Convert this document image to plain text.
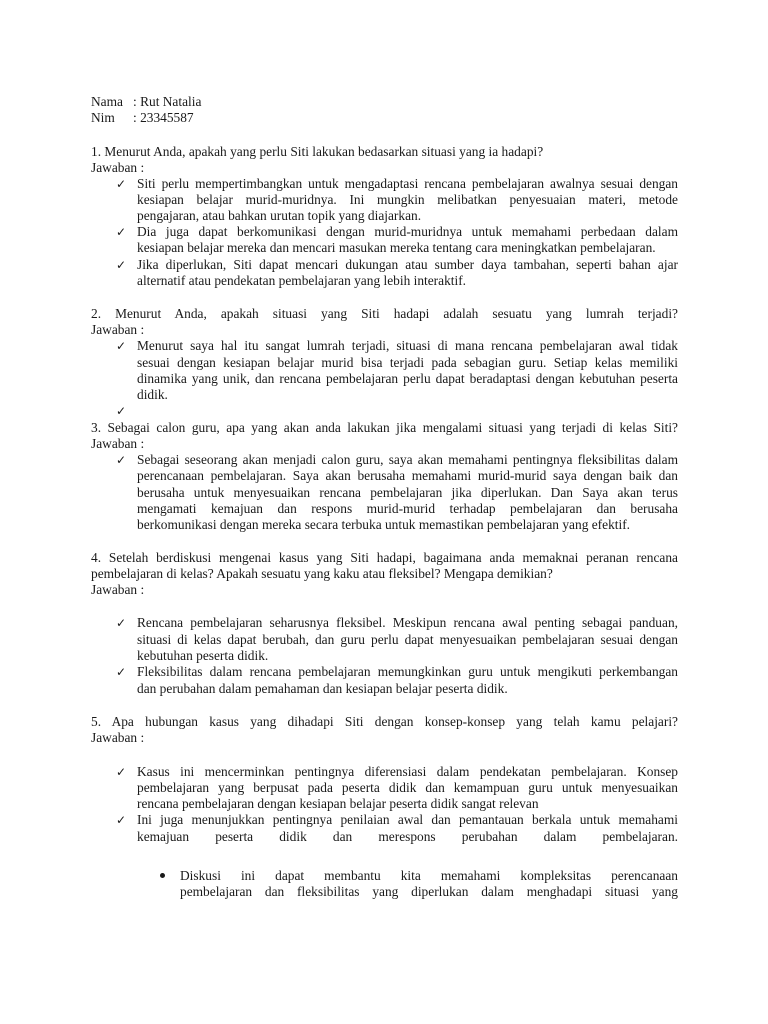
Nama : Rut Natalia
Nim : 23345587
1. Menurut Anda, apakah yang perlu Siti lakukan bedasarkan situasi yang ia hadapi?
Jawaban :
✓ Siti perlu mempertimbangkan untuk mengadaptasi rencana pembelajaran awalnya sesuai dengan
kesiapan belajar murid-muridnya. Ini mungkin melibatkan penyesuaian materi, metode
pengajaran, atau bahkan urutan topik yang diajarkan.
✓ Dia juga dapat berkomunikasi dengan murid-muridnya untuk memahami perbedaan dalam
kesiapan belajar mereka dan mencari masukan mereka tentang cara meningkatkan pembelajaran.
✓ Jika diperlukan, Siti dapat mencari dukungan atau sumber daya tambahan, seperti bahan ajar
alternatif atau pendekatan pembelajaran yang lebih interaktif.
2. Menurut Anda, apakah situasi yang Siti hadapi adalah sesuatu yang lumrah terjadi?
Jawaban :
✓ Menurut saya hal itu sangat lumrah terjadi, situasi di mana rencana pembelajaran awal tidak
sesuai dengan kesiapan belajar murid bisa terjadi pada sebagian guru. Setiap kelas memiliki
dinamika yang unik, dan rencana pembelajaran perlu dapat beradaptasi dengan kebutuhan peserta
didik.
✓
3. Sebagai calon guru, apa yang akan anda lakukan jika mengalami situasi yang terjadi di kelas Siti?
Jawaban :
✓ Sebagai seseorang akan menjadi calon guru, saya akan memahami pentingnya fleksibilitas dalam
perencanaan pembelajaran. Saya akan berusaha memahami murid-murid saya dengan baik dan
berusaha untuk menyesuaikan rencana pembelajaran jika diperlukan. Dan Saya akan terus
mengamati kemajuan dan respons murid-murid terhadap pembelajaran dan berusaha
berkomunikasi dengan mereka secara terbuka untuk memastikan pembelajaran yang efektif.
4. Setelah berdiskusi mengenai kasus yang Siti hadapi, bagaimana anda memaknai peranan rencana
pembelajaran di kelas? Apakah sesuatu yang kaku atau fleksibel? Mengapa demikian?
Jawaban :
✓ Rencana pembelajaran seharusnya fleksibel. Meskipun rencana awal penting sebagai panduan,
situasi di kelas dapat berubah, dan guru perlu dapat menyesuaikan pembelajaran sesuai dengan
kebutuhan peserta didik.
✓ Fleksibilitas dalam rencana pembelajaran memungkinkan guru untuk mengikuti perkembangan
dan perubahan dalam pemahaman dan kesiapan belajar peserta didik.
5. Apa hubungan kasus yang dihadapi Siti dengan konsep-konsep yang telah kamu pelajari?
Jawaban :
✓ Kasus ini mencerminkan pentingnya diferensiasi dalam pendekatan pembelajaran. Konsep
pembelajaran yang berpusat pada peserta didik dan kemampuan guru untuk menyesuaikan
rencana pembelajaran dengan kesiapan belajar peserta didik sangat relevan
✓ Ini juga menunjukkan pentingnya penilaian awal dan pemantauan berkala untuk memahami
kemajuan peserta didik dan merespons perubahan dalam pembelajaran.
Diskusi ini dapat membantu kita memahami kompleksitas perencanaan
pembelajaran dan fleksibilitas yang diperlukan dalam menghadapi situasi yang
